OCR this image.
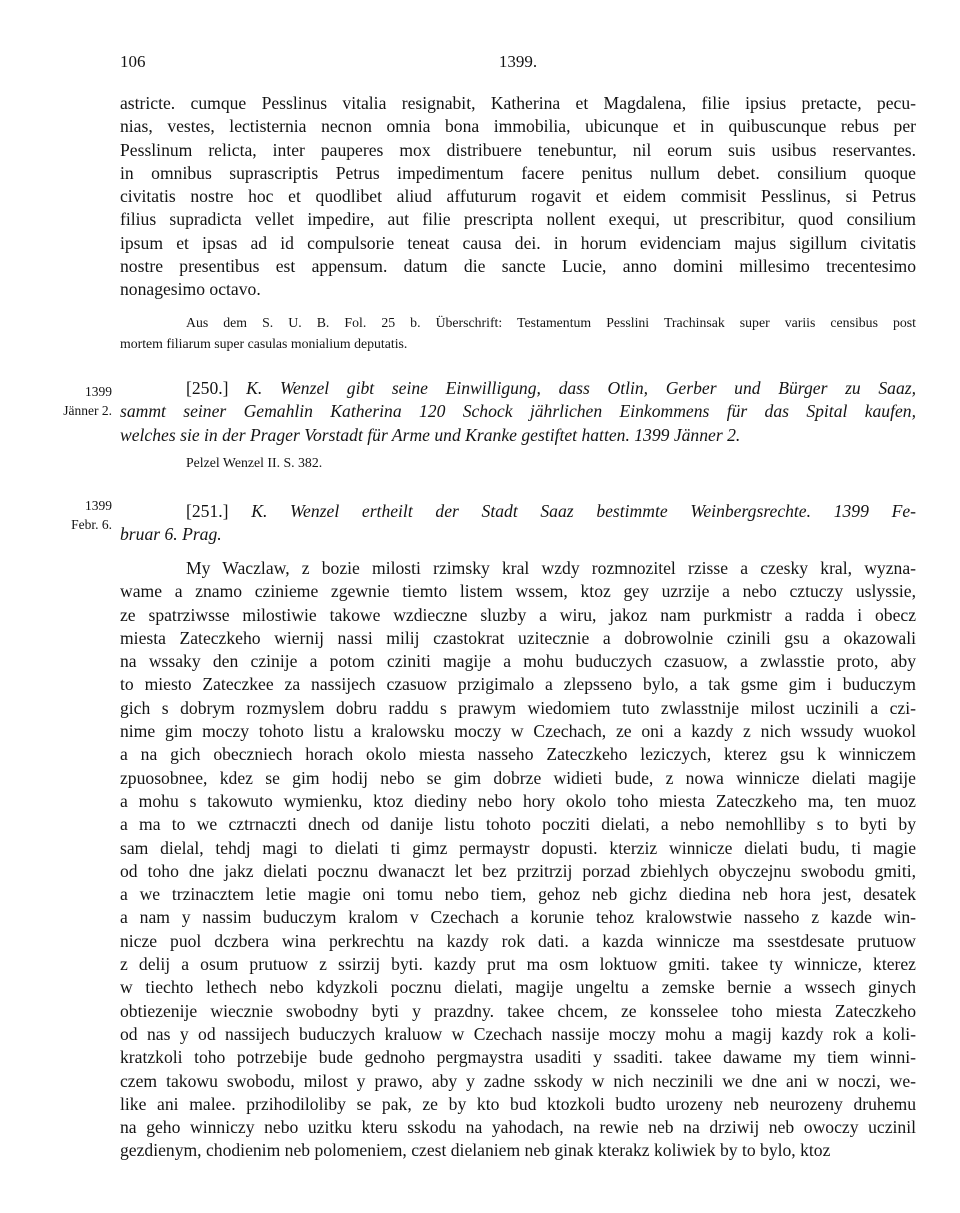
106	1399.
astricte. cumque Pesslinus vitalia resignabit, Katherina et Magdalena, filie ipsius pretacte, pecu-
nias, vestes, lectisternia necnon omnia bona immobilia, ubicunque et in quibuscunque rebus per
Pesslinum relicta, inter pauperes mox distribuere tenebuntur, nil eorum suis usibus reservantes.
in omnibus suprascriptis Petrus impedimentum facere penitus nullum debet. consilium quoque
civitatis nostre hoc et quodlibet aliud affuturum rogavit et eidem commisit Pesslinus, si Petrus
filius supradicta vellet impedire, aut filie prescripta nollent exequi, ut prescribitur, quod consilium
ipsum et ipsas ad id compulsorie teneat causa dei. in horum evidenciam majus sigillum civitatis
nostre presentibus est appensum. datum die sancte Lucie, anno domini millesimo trecentesimo
nonagesimo octavo.
Aus dem S. U. B. Fol. 25 b. Überschrift: Testamentum Pesslini Trachinsak super variis censibus post
mortem filiarum super casulas monialium deputatis.
1399
Jänner 2.
[250.] K. Wenzel gibt seine Einwilligung, dass Otlin, Gerber und Bürger zu Saaz,
sammt seiner Gemahlin Katherina 120 Schock jährlichen Einkommens für das Spital kaufen,
welches sie in der Prager Vorstadt für Arme und Kranke gestiftet hatten. 1399 Jänner 2.
Pelzel Wenzel II. S. 382.
1399
Febr. 6.
[251.] K. Wenzel ertheilt der Stadt Saaz bestimmte Weinbergsrechte. 1399 Fe-
bruar 6. Prag.
My Waczlaw, z bozie milosti rzimsky kral wzdy rozmnozitel rzisse a czesky kral, wyzna-
wame a znamo czinieme zgewnie tiemto listem wssem, ktoz gey uzrzije a nebo cztuczy uslyssie,
ze spatrziwsse milostiwie takowe wzdieczne sluzby a wiru, jakoz nam purkmistr a radda i obecz
miesta Zateczkeho wiernij nassi milij czastokrat uzitecznie a dobrowolnie czinili gsu a okazowali
na wssaky den czinije a potom cziniti magije a mohu buduczych czasuow, a zwlasstie proto, aby
to miesto Zateczkee za nassijech czasuow przigimalo a zlepsseno bylo, a tak gsme gim i buduczym
gich s dobrym rozmyslem dobru raddu s prawym wiedomiem tuto zwlasstnije milost uczinili a czi-
nime gim moczy tohoto listu a kralowsku moczy w Czechach, ze oni a kazdy z nich wssudy wuokol
a na gich obeczniech horach okolo miesta nasseho Zateczkeho leziczych, kterez gsu k winniczem
zpuosobnee, kdez se gim hodij nebo se gim dobrze widieti bude, z nowa winnicze dielati magije
a mohu s takowuto wymienku, ktoz diediny nebo hory okolo toho miesta Zateczkeho ma, ten muoz
a ma to we cztrnaczti dnech od danije listu tohoto pocziti dielati, a nebo nemohlliby s to byti by
sam dielal, tehdj magi to dielati ti gimz permaystr dopusti. kterziz winnicze dielati budu, ti magie
od toho dne jakz dielati pocznu dwanaczt let bez przitrzij porzad zbiehlych obyczejnu swobodu gmiti,
a we trzinacztem letie magie oni tomu nebo tiem, gehoz neb gichz diedina neb hora jest, desatek
a nam y nassim buduczym kralom v Czechach a korunie tehoz kralowstwie nasseho z kazde win-
nicze puol dczbera wina perkrechtu na kazdy rok dati. a kazda winnicze ma ssestdesate prutuow
z delij a osum prutuow z ssirzij byti. kazdy prut ma osm loktuow gmiti. takee ty winnicze, kterez
w tiechto lethech nebo kdyzkoli pocznu dielati, magije ungeltu a zemske bernie a wssech ginych
obtiezenije wiecznie swobodny byti y prazdny. takee chcem, ze konsselee toho miesta Zateczkeho
od nas y od nassijech buduczych kraluow w Czechach nassije moczy mohu a magij kazdy rok a koli-
kratzkoli toho potrzebije bude gednoho pergmaystra usaditi y ssaditi. takee dawame my tiem winni-
czem takowu swobodu, milost y prawo, aby y zadne sskody w nich neczinili we dne ani w noczi, we-
like ani malee. przihodiloliby se pak, ze by kto bud ktozkoli budto urozeny neb neurozeny druhemu
na geho winniczy nebo uzitku kteru sskodu na yahodach, na rewie neb na drziwij neb owoczy uczinil
gezdienym, chodienim neb polomeniem, czest dielaniem neb ginak kterakz koliwiek by to bylo, ktoz
